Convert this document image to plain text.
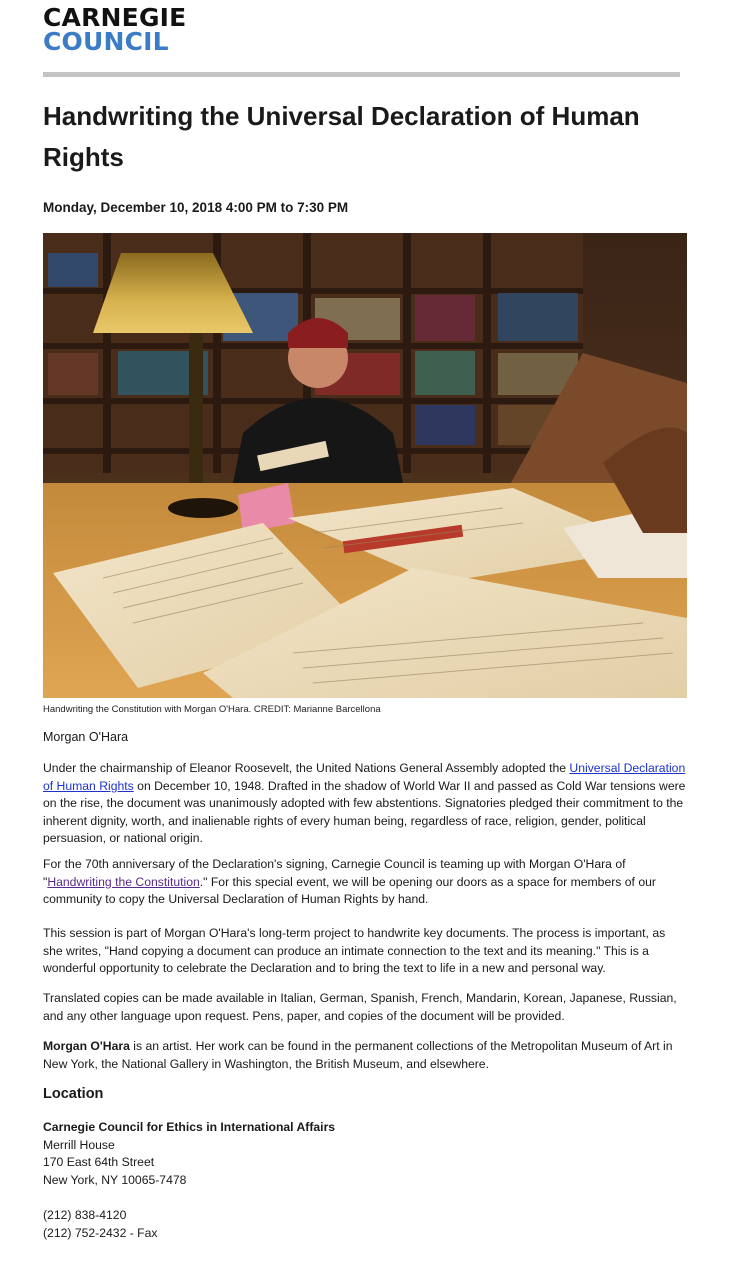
CARNEGIE
COUNCIL
Handwriting the Universal Declaration of Human Rights
Monday, December 10, 2018 4:00 PM to 7:30 PM
Handwriting the Constitution with Morgan O'Hara. CREDIT: Marianne Barcellona
Morgan O'Hara

Under the chairmanship of Eleanor Roosevelt, the United Nations General Assembly adopted the Universal Declaration of Human Rights on December 10, 1948. Drafted in the shadow of World War II and passed as Cold War tensions were on the rise, the document was unanimously adopted with few abstentions. Signatories pledged their commitment to the inherent dignity, worth, and inalienable rights of every human being, regardless of race, religion, gender, political persuasion, or national origin.

For the 70th anniversary of the Declaration's signing, Carnegie Council is teaming up with Morgan O'Hara of "Handwriting the Constitution." For this special event, we will be opening our doors as a space for members of our community to copy the Universal Declaration of Human Rights by hand.

This session is part of Morgan O'Hara's long-term project to handwrite key documents. The process is important, as she writes, "Hand copying a document can produce an intimate connection to the text and its meaning." This is a wonderful opportunity to celebrate the Declaration and to bring the text to life in a new and personal way.

Translated copies can be made available in Italian, German, Spanish, French, Mandarin, Korean, Japanese, Russian, and any other language upon request. Pens, paper, and copies of the document will be provided.

Morgan O'Hara is an artist. Her work can be found in the permanent collections of the Metropolitan Museum of Art in New York, the National Gallery in Washington, the British Museum, and elsewhere.

Location
Carnegie Council for Ethics in International Affairs
Merrill House
170 East 64th Street
New York, NY 10065-7478
(212) 838-4120
(212) 752-2432 - Fax
